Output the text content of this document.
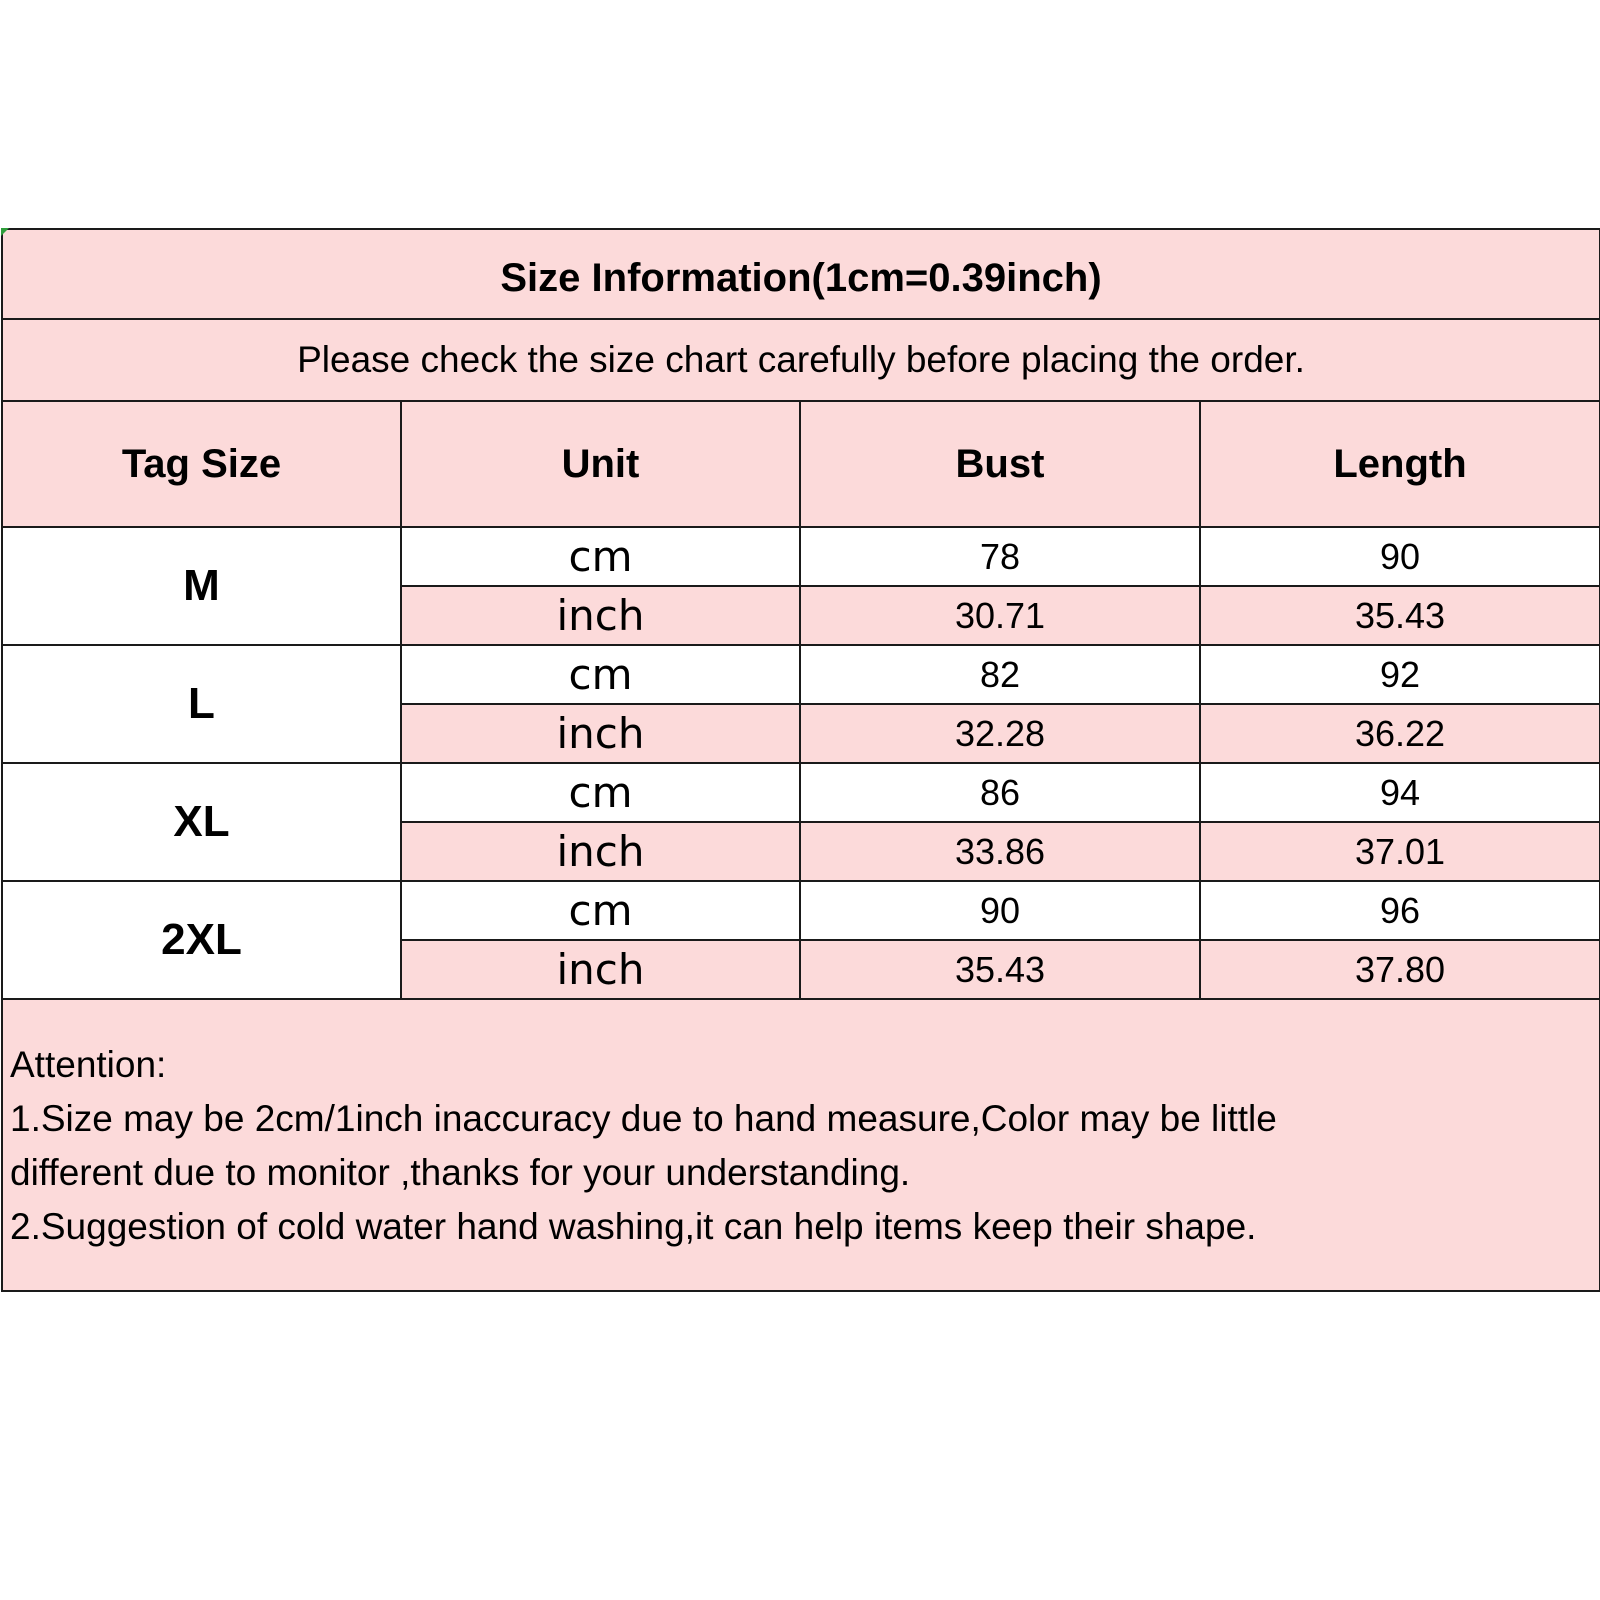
Size Information(1cm=0.39inch)			
Please check the size chart carefully before placing the order.			
Tag Size	Unit	Bust	Length
M	cm	78	90
	inch	30.71	35.43
L	cm	82	92
	inch	32.28	36.22
XL	cm	86	94
	inch	33.86	37.01
2XL	cm	90	96
	inch	35.43	37.80

Attention:
1.Size may be 2cm/1inch inaccuracy due to hand measure,Color may be little
different due to monitor ,thanks for your understanding.
2.Suggestion of cold water hand washing,it can help items keep their shape.			
